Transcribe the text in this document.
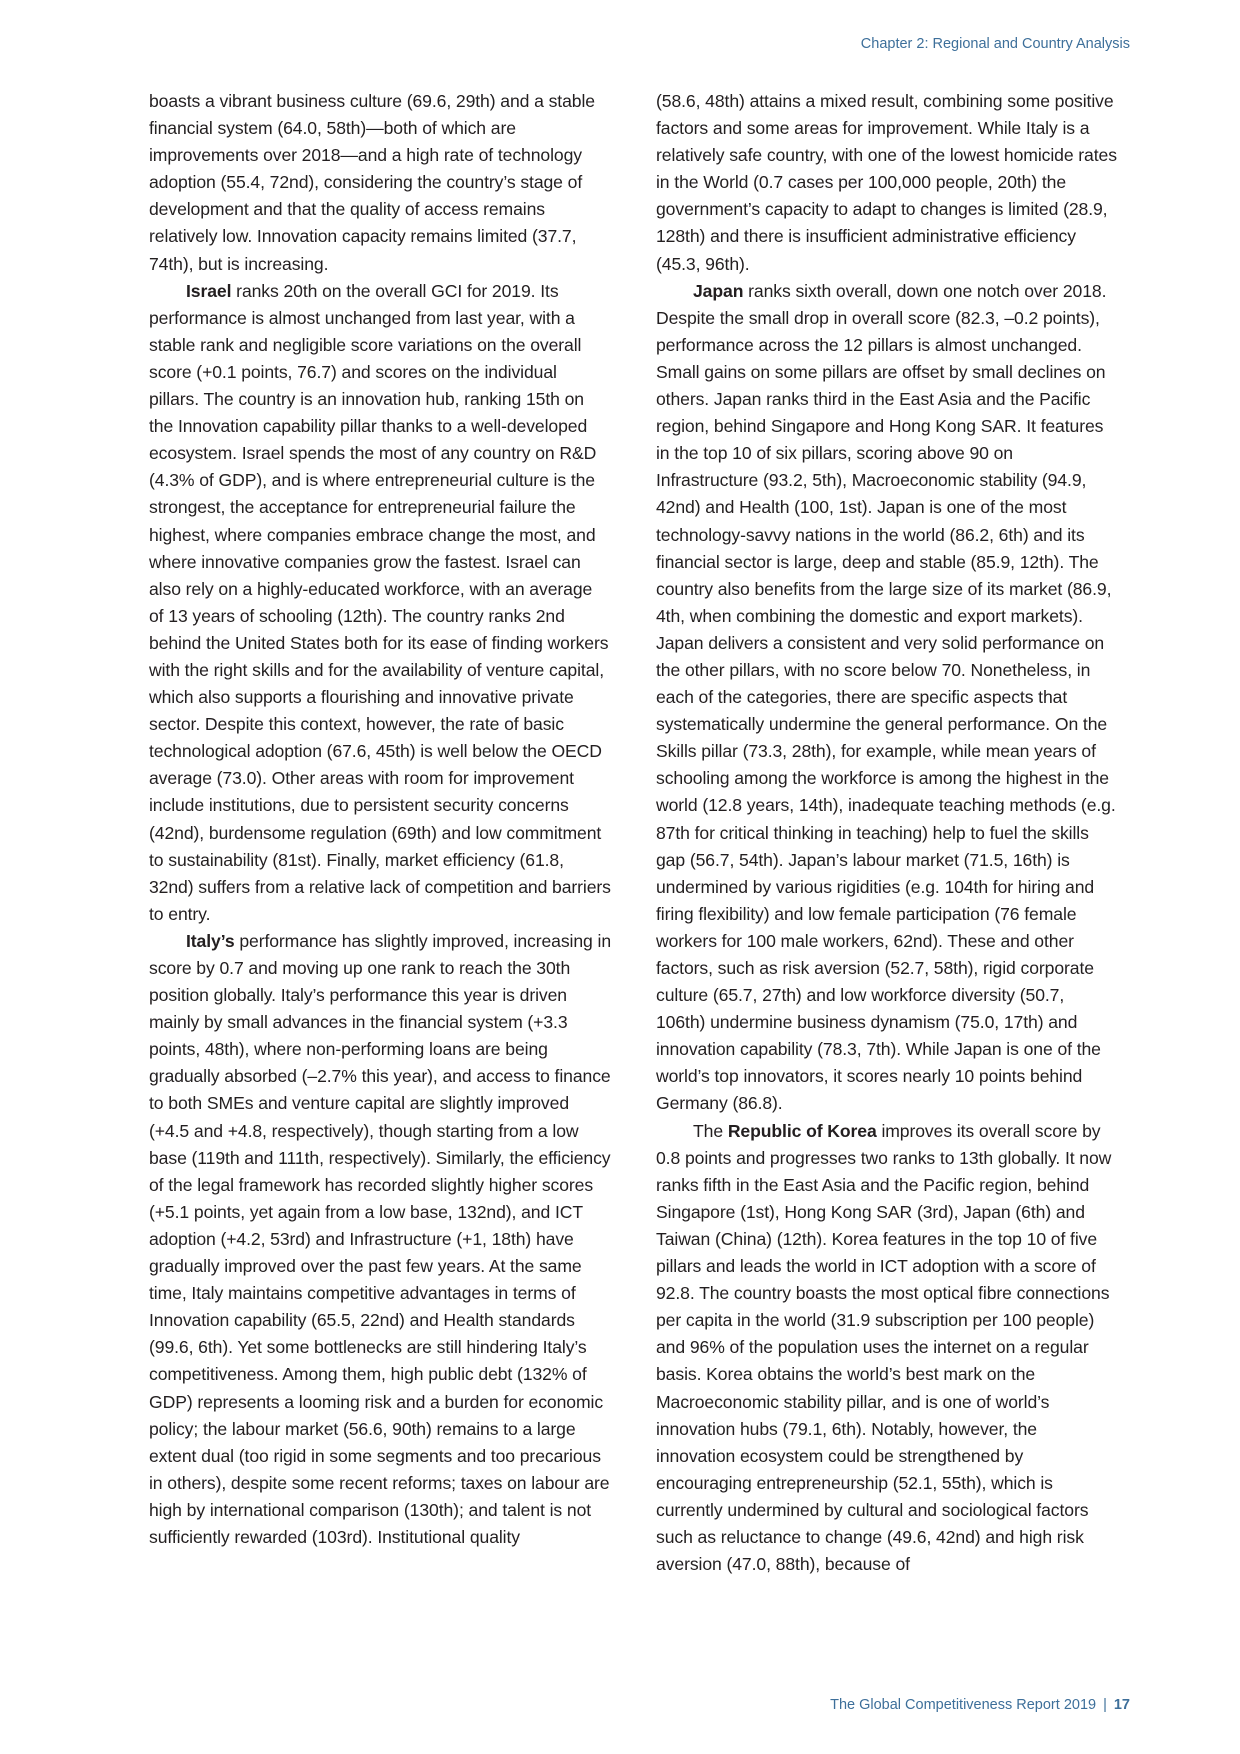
Chapter 2: Regional and Country Analysis

boasts a vibrant business culture (69.6, 29th) and a stable financial system (64.0, 58th)—both of which are improvements over 2018—and a high rate of technology adoption (55.4, 72nd), considering the country’s stage of development and that the quality of access remains relatively low. Innovation capacity remains limited (37.7, 74th), but is increasing.

Israel ranks 20th on the overall GCI for 2019. Its performance is almost unchanged from last year, with a stable rank and negligible score variations on the overall score (+0.1 points, 76.7) and scores on the individual pillars. The country is an innovation hub, ranking 15th on the Innovation capability pillar thanks to a well-developed ecosystem. Israel spends the most of any country on R&D (4.3% of GDP), and is where entrepreneurial culture is the strongest, the acceptance for entrepreneurial failure the highest, where companies embrace change the most, and where innovative companies grow the fastest. Israel can also rely on a highly-educated workforce, with an average of 13 years of schooling (12th). The country ranks 2nd behind the United States both for its ease of finding workers with the right skills and for the availability of venture capital, which also supports a flourishing and innovative private sector. Despite this context, however, the rate of basic technological adoption (67.6, 45th) is well below the OECD average (73.0). Other areas with room for improvement include institutions, due to persistent security concerns (42nd), burdensome regulation (69th) and low commitment to sustainability (81st). Finally, market efficiency (61.8, 32nd) suffers from a relative lack of competition and barriers to entry.

Italy’s performance has slightly improved, increasing in score by 0.7 and moving up one rank to reach the 30th position globally. Italy’s performance this year is driven mainly by small advances in the financial system (+3.3 points, 48th), where non-performing loans are being gradually absorbed (–2.7% this year), and access to finance to both SMEs and venture capital are slightly improved (+4.5 and +4.8, respectively), though starting from a low base (119th and 111th, respectively). Similarly, the efficiency of the legal framework has recorded slightly higher scores (+5.1 points, yet again from a low base, 132nd), and ICT adoption (+4.2, 53rd) and Infrastructure (+1, 18th) have gradually improved over the past few years. At the same time, Italy maintains competitive advantages in terms of Innovation capability (65.5, 22nd) and Health standards (99.6, 6th). Yet some bottlenecks are still hindering Italy’s competitiveness. Among them, high public debt (132% of GDP) represents a looming risk and a burden for economic policy; the labour market (56.6, 90th) remains to a large extent dual (too rigid in some segments and too precarious in others), despite some recent reforms; taxes on labour are high by international comparison (130th); and talent is not sufficiently rewarded (103rd). Institutional quality

(58.6, 48th) attains a mixed result, combining some positive factors and some areas for improvement. While Italy is a relatively safe country, with one of the lowest homicide rates in the World (0.7 cases per 100,000 people, 20th) the government’s capacity to adapt to changes is limited (28.9, 128th) and there is insufficient administrative efficiency (45.3, 96th).

Japan ranks sixth overall, down one notch over 2018. Despite the small drop in overall score (82.3, –0.2 points), performance across the 12 pillars is almost unchanged. Small gains on some pillars are offset by small declines on others. Japan ranks third in the East Asia and the Pacific region, behind Singapore and Hong Kong SAR. It features in the top 10 of six pillars, scoring above 90 on Infrastructure (93.2, 5th), Macroeconomic stability (94.9, 42nd) and Health (100, 1st). Japan is one of the most technology-savvy nations in the world (86.2, 6th) and its financial sector is large, deep and stable (85.9, 12th). The country also benefits from the large size of its market (86.9, 4th, when combining the domestic and export markets). Japan delivers a consistent and very solid performance on the other pillars, with no score below 70. Nonetheless, in each of the categories, there are specific aspects that systematically undermine the general performance. On the Skills pillar (73.3, 28th), for example, while mean years of schooling among the workforce is among the highest in the world (12.8 years, 14th), inadequate teaching methods (e.g. 87th for critical thinking in teaching) help to fuel the skills gap (56.7, 54th). Japan’s labour market (71.5, 16th) is undermined by various rigidities (e.g. 104th for hiring and firing flexibility) and low female participation (76 female workers for 100 male workers, 62nd). These and other factors, such as risk aversion (52.7, 58th), rigid corporate culture (65.7, 27th) and low workforce diversity (50.7, 106th) undermine business dynamism (75.0, 17th) and innovation capability (78.3, 7th). While Japan is one of the world’s top innovators, it scores nearly 10 points behind Germany (86.8).

The Republic of Korea improves its overall score by 0.8 points and progresses two ranks to 13th globally. It now ranks fifth in the East Asia and the Pacific region, behind Singapore (1st), Hong Kong SAR (3rd), Japan (6th) and Taiwan (China) (12th). Korea features in the top 10 of five pillars and leads the world in ICT adoption with a score of 92.8. The country boasts the most optical fibre connections per capita in the world (31.9 subscription per 100 people) and 96% of the population uses the internet on a regular basis. Korea obtains the world’s best mark on the Macroeconomic stability pillar, and is one of world’s innovation hubs (79.1, 6th). Notably, however, the innovation ecosystem could be strengthened by encouraging entrepreneurship (52.1, 55th), which is currently undermined by cultural and sociological factors such as reluctance to change (49.6, 42nd) and high risk aversion (47.0, 88th), because of

The Global Competitiveness Report 2019 | 17
